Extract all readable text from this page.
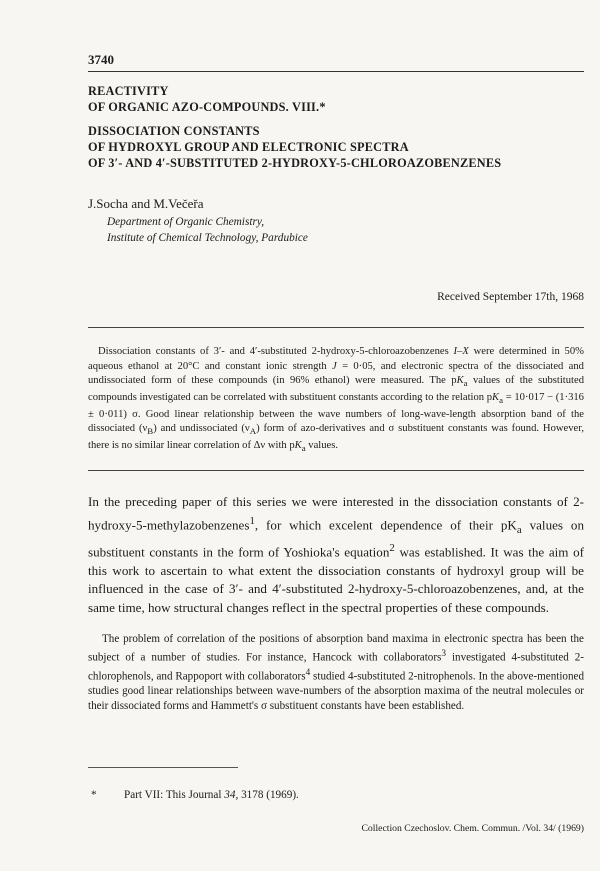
3740
REACTIVITY
OF ORGANIC AZO-COMPOUNDS. VIII.*
DISSOCIATION CONSTANTS
OF HYDROXYL GROUP AND ELECTRONIC SPECTRA
OF 3′- AND 4′-SUBSTITUTED 2-HYDROXY-5-CHLOROAZOBENZENES
J.Socha and M.Večeřa
Department of Organic Chemistry,
Institute of Chemical Technology, Pardubice
Received September 17th, 1968
Dissociation constants of 3′- and 4′-substituted 2-hydroxy-5-chloroazobenzenes I–X were determined in 50% aqueous ethanol at 20°C and constant ionic strength J = 0·05, and electronic spectra of the dissociated and undissociated form of these compounds (in 96% ethanol) were measured. The $pK_a$ values of the substituted compounds investigated can be correlated with substituent constants according to the relation $pK_a = 10\cdot 017 - (1\cdot 316 \pm 0\cdot 011)$ σ. Good linear relationship between the wave numbers of long-wave-length absorption band of the dissociated $(\nu_B)$ and undissociated $(\nu_A)$ form of azo-derivatives and σ substituent constants was found. However, there is no similar linear correlation of Δν with $pK_a$ values.
In the preceding paper of this series we were interested in the dissociation constants of 2-hydroxy-5-methylazobenzenes$^1$, for which excelent dependence of their $pK_a$ values on substituent constants in the form of Yoshioka's equation$^2$ was established. It was the aim of this work to ascertain to what extent the dissociation constants of hydroxyl group will be influenced in the case of 3′- and 4′-substituted 2-hydroxy-5-chloroazobenzenes, and, at the same time, how structural changes reflect in the spectral properties of these compounds.
The problem of correlation of the positions of absorption band maxima in electronic spectra has been the subject of a number of studies. For instance, Hancock with collaborators$^3$ investigated 4-substituted 2-chlorophenols, and Rappoport with collaborators$^4$ studied 4-substituted 2-nitrophenols. In the above-mentioned studies good linear relationships between wave-numbers of the absorption maxima of the neutral molecules or their dissociated forms and Hammett's σ substituent constants have been established.
* Part VII: This Journal 34, 3178 (1969).
Collection Czechoslov. Chem. Commun. /Vol. 34/ (1969)
